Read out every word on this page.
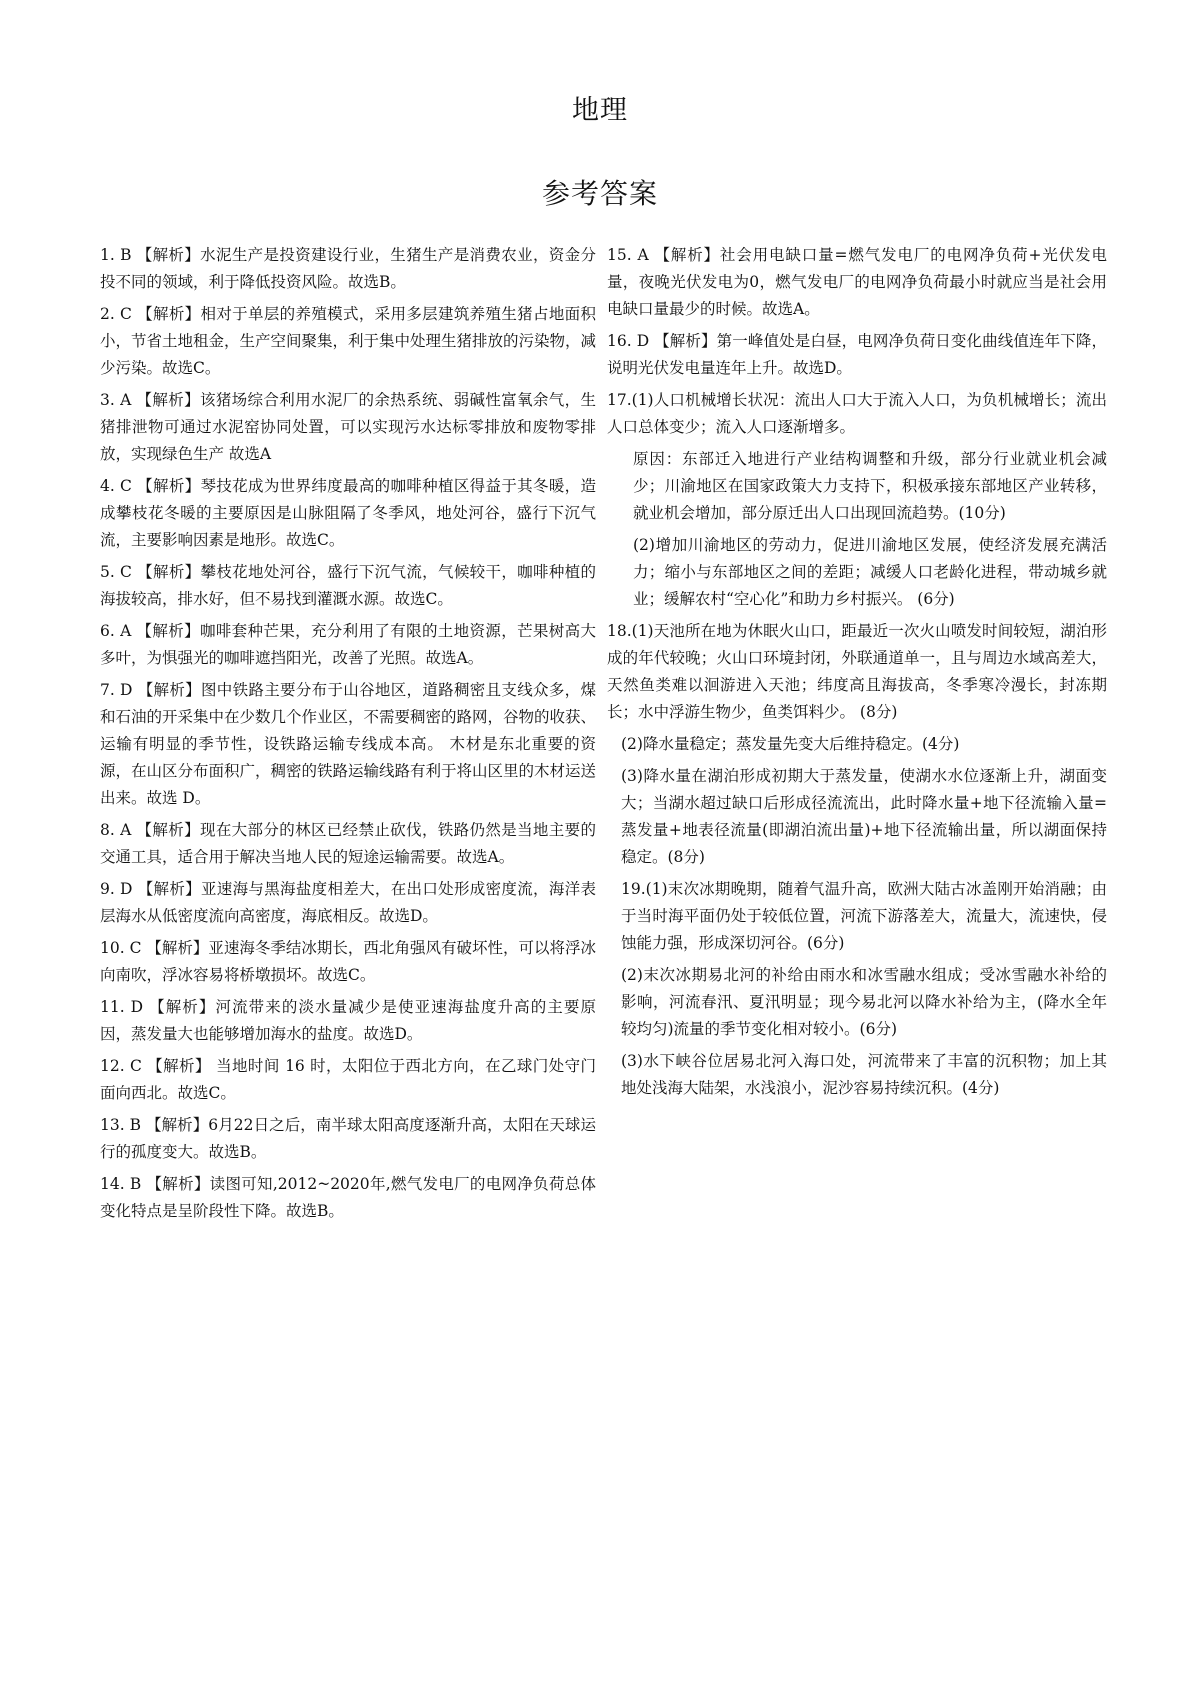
地理
参考答案

1. B 【解析】水泥生产是投资建设行业，生猪生产是消费农业，资金分投不同的领域，利于降低投资风险。故选B。

2. C 【解析】相对于单层的养殖模式，采用多层建筑养殖生猪占地面积小，节省土地租金，生产空间聚集，利于集中处理生猪排放的污染物，减少污染。故选C。

3. A 【解析】该猪场综合利用水泥厂的余热系统、弱碱性富氧余气，生猪排泄物可通过水泥窑协同处置，可以实现污水达标零排放和废物零排放，实现绿色生产 故选A

4. C 【解析】琴技花成为世界纬度最高的咖啡种植区得益于其冬暖，造成攀枝花冬暖的主要原因是山脉阻隔了冬季风，地处河谷，盛行下沉气流，主要影响因素是地形。故选C。

5. C 【解析】攀枝花地处河谷，盛行下沉气流，气候较干，咖啡种植的海拔较高，排水好，但不易找到灌溉水源。故选C。

6. A 【解析】咖啡套种芒果，充分利用了有限的土地资源，芒果树高大多叶，为惧强光的咖啡遮挡阳光，改善了光照。故选A。

7. D 【解析】图中铁路主要分布于山谷地区，道路稠密且支线众多，煤和石油的开采集中在少数几个作业区，不需要稠密的路网，谷物的收获、运输有明显的季节性，设铁路运输专线成本高。 木材是东北重要的资源，在山区分布面积广，稠密的铁路运输线路有利于将山区里的木材运送出来。故选 D。

8. A 【解析】现在大部分的林区已经禁止砍伐，铁路仍然是当地主要的交通工具，适合用于解决当地人民的短途运输需要。故选A。

9. D 【解析】亚速海与黑海盐度相差大，在出口处形成密度流，海洋表层海水从低密度流向高密度，海底相反。故选D。

10. C 【解析】亚速海冬季结冰期长，西北角强风有破坏性，可以将浮冰向南吹，浮冰容易将桥墩损坏。故选C。

11. D 【解析】河流带来的淡水量减少是使亚速海盐度升高的主要原因，蒸发量大也能够增加海水的盐度。故选D。

12. C 【解析】 当地时间 16 时，太阳位于西北方向，在乙球门处守门面向西北。故选C。

13. B 【解析】6月22日之后，南半球太阳高度逐渐升高，太阳在天球运行的孤度变大。故选B。

14. B 【解析】读图可知,2012~2020年,燃气发电厂的电网净负荷总体变化特点是呈阶段性下降。故选B。

15. A 【解析】社会用电缺口量=燃气发电厂的电网净负荷+光伏发电量，夜晚光伏发电为0，燃气发电厂的电网净负荷最小时就应当是社会用电缺口量最少的时候。故选A。

16. D 【解析】第一峰值处是白昼，电网净负荷日变化曲线值连年下降，说明光伏发电量连年上升。故选D。

17.(1)人口机械增长状况：流出人口大于流入人口，为负机械增长；流出人口总体变少；流入人口逐渐增多。

原因：东部迁入地进行产业结构调整和升级，部分行业就业机会减少；川渝地区在国家政策大力支持下，积极承接东部地区产业转移，就业机会增加，部分原迁出人口出现回流趋势。(10分)

(2)增加川渝地区的劳动力，促进川渝地区发展，使经济发展充满活力；缩小与东部地区之间的差距；减缓人口老龄化进程，带动城乡就业；缓解农村“空心化”和助力乡村振兴。 (6分)

18.(1)天池所在地为休眠火山口，距最近一次火山喷发时间较短，湖泊形成的年代较晚；火山口环境封闭，外联通道单一，且与周边水域高差大，天然鱼类难以洄游进入天池；纬度高且海拔高，冬季寒冷漫长，封冻期长；水中浮游生物少，鱼类饵料少。 (8分)

(2)降水量稳定；蒸发量先变大后维持稳定。(4分)

(3)降水量在湖泊形成初期大于蒸发量，使湖水水位逐渐上升，湖面变大；当湖水超过缺口后形成径流流出，此时降水量+地下径流输入量=蒸发量+地表径流量(即湖泊流出量)+地下径流输出量，所以湖面保持稳定。(8分)

19.(1)末次冰期晚期，随着气温升高，欧洲大陆古冰盖刚开始消融；由于当时海平面仍处于较低位置，河流下游落差大，流量大，流速快，侵蚀能力强，形成深切河谷。(6分)

(2)末次冰期易北河的补给由雨水和冰雪融水组成；受冰雪融水补给的影响，河流春汛、夏汛明显；现今易北河以降水补给为主，(降水全年较均匀)流量的季节变化相对较小。(6分)

(3)水下峡谷位居易北河入海口处，河流带来了丰富的沉积物；加上其地处浅海大陆架，水浅浪小，泥沙容易持续沉积。(4分)
